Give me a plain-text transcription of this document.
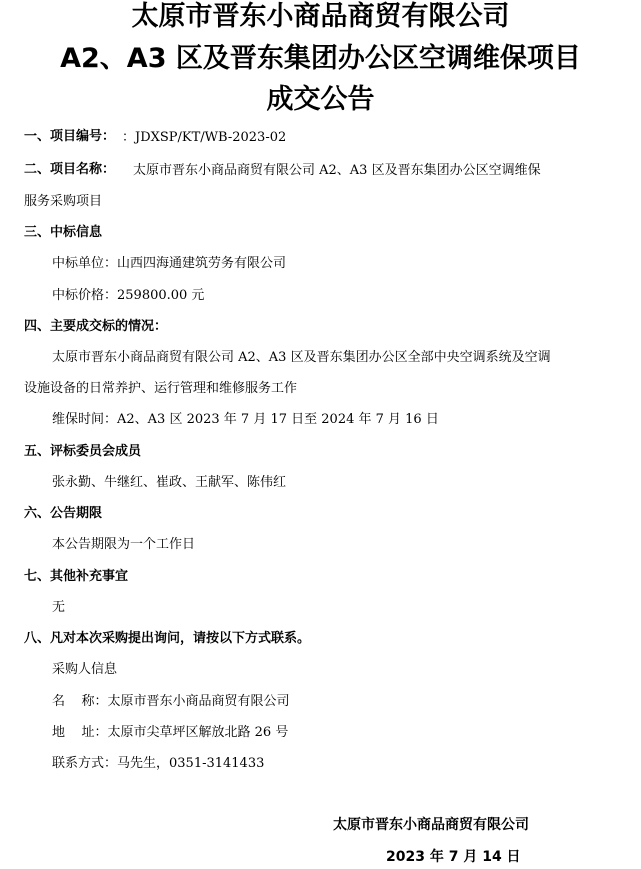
太原市晋东小商品商贸有限公司
A2、A3 区及晋东集团办公区空调维保项目
成交公告
一、项目编号： ：JDXSP/KT/WB-2023-02
二、项目名称： 太原市晋东小商品商贸有限公司 A2、A3 区及晋东集团办公区空调维保
服务采购项目
三、中标信息
中标单位：山西四海通建筑劳务有限公司
中标价格：259800.00 元
四、主要成交标的情况：
太原市晋东小商品商贸有限公司 A2、A3 区及晋东集团办公区全部中央空调系统及空调
设施设备的日常养护、运行管理和维修服务工作
维保时间：A2、A3 区 2023 年 7 月 17 日至 2024 年 7 月 16 日
五、评标委员会成员
张永勤、牛继红、崔政、王献军、陈伟红
六、公告期限
本公告期限为一个工作日
七、其他补充事宜
无
八、凡对本次采购提出询问，请按以下方式联系。
采购人信息
名    称：太原市晋东小商品商贸有限公司
地    址：太原市尖草坪区解放北路 26 号
联系方式：马先生，0351-3141433
太原市晋东小商品商贸有限公司
2023 年 7 月 14 日
